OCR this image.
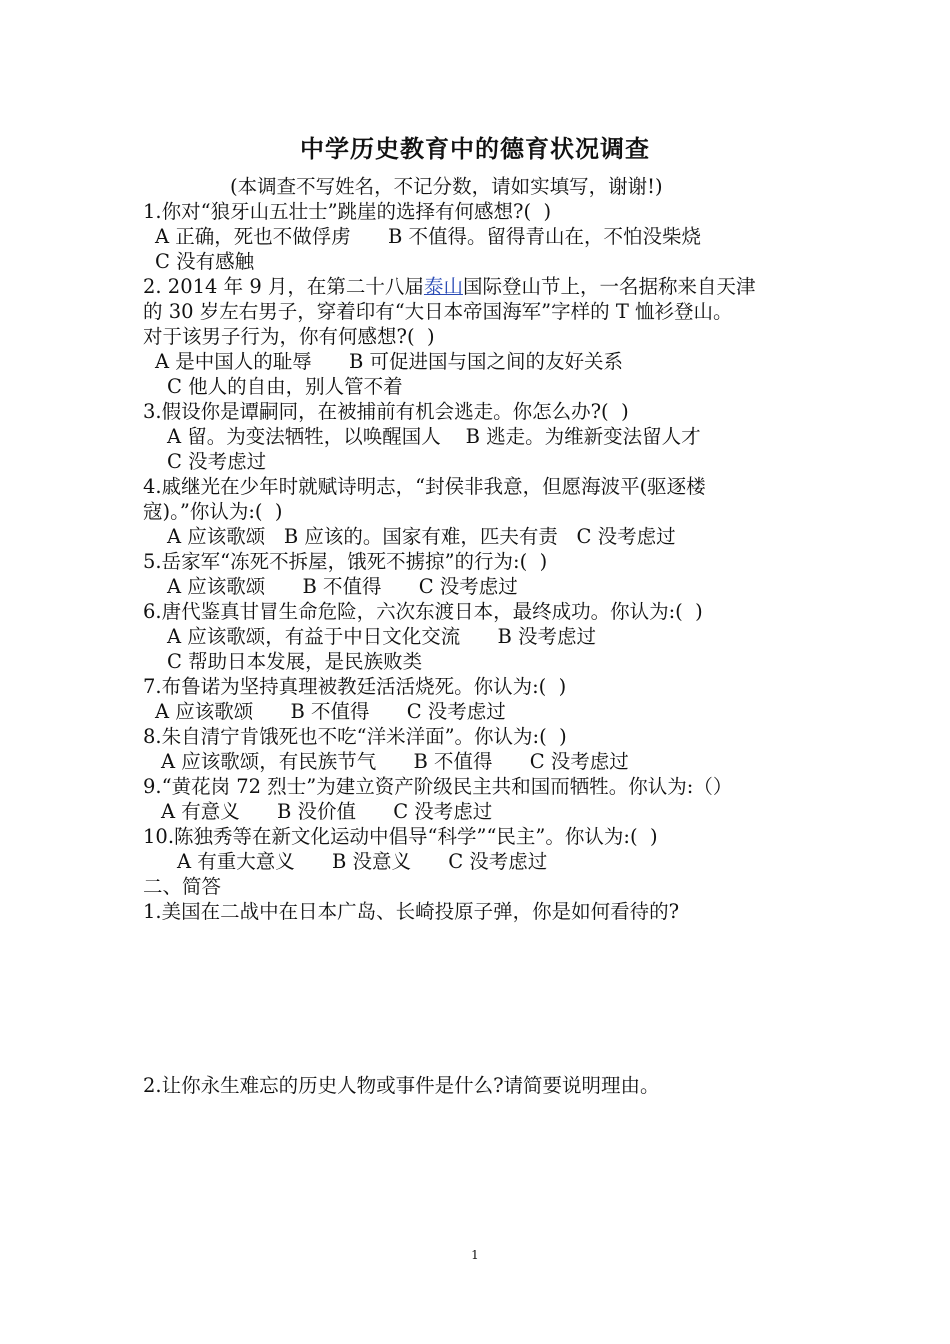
中学历史教育中的德育状况调查
(本调查不写姓名，不记分数，请如实填写，谢谢!)
1.你对“狼牙山五壮士”跳崖的选择有何感想?(  )
A 正确，死也不做俘虏      B 不值得。留得青山在，不怕没柴烧
C 没有感触
2. 2014 年 9 月，在第二十八届泰山国际登山节上，一名据称来自天津
的 30 岁左右男子，穿着印有“大日本帝国海军”字样的 T 恤衫登山。
对于该男子行为，你有何感想?(  )
A 是中国人的耻辱      B 可促进国与国之间的友好关系
C 他人的自由，别人管不着
3.假设你是谭嗣同，在被捕前有机会逃走。你怎么办?(  )
A 留。为变法牺牲，以唤醒国人    B 逃走。为维新变法留人才
C 没考虑过
4.戚继光在少年时就赋诗明志，“封侯非我意，但愿海波平(驱逐楼
寇)。”你认为:(  )
A 应该歌颂   B 应该的。国家有难，匹夫有责   C 没考虑过
5.岳家军“冻死不拆屋，饿死不掳掠”的行为:(  )
A 应该歌颂      B 不值得      C 没考虑过
6.唐代鉴真甘冒生命危险，六次东渡日本，最终成功。你认为:(  )
A 应该歌颂，有益于中日文化交流      B 没考虑过
C 帮助日本发展，是民族败类
7.布鲁诺为坚持真理被教廷活活烧死。你认为:(  )
A 应该歌颂      B 不值得      C 没考虑过
8.朱自清宁肯饿死也不吃“洋米洋面”。你认为:(  )
A 应该歌颂，有民族节气      B 不值得      C 没考虑过
9.“黄花岗 72 烈士”为建立资产阶级民主共和国而牺牲。你认为:（）
A 有意义      B 没价值      C 没考虑过
10.陈独秀等在新文化运动中倡导“科学”“民主”。你认为:(  )
A 有重大意义      B 没意义      C 没考虑过
二、简答
1.美国在二战中在日本广岛、长崎投原子弹，你是如何看待的?
2.让你永生难忘的历史人物或事件是什么?请简要说明理由。
1
